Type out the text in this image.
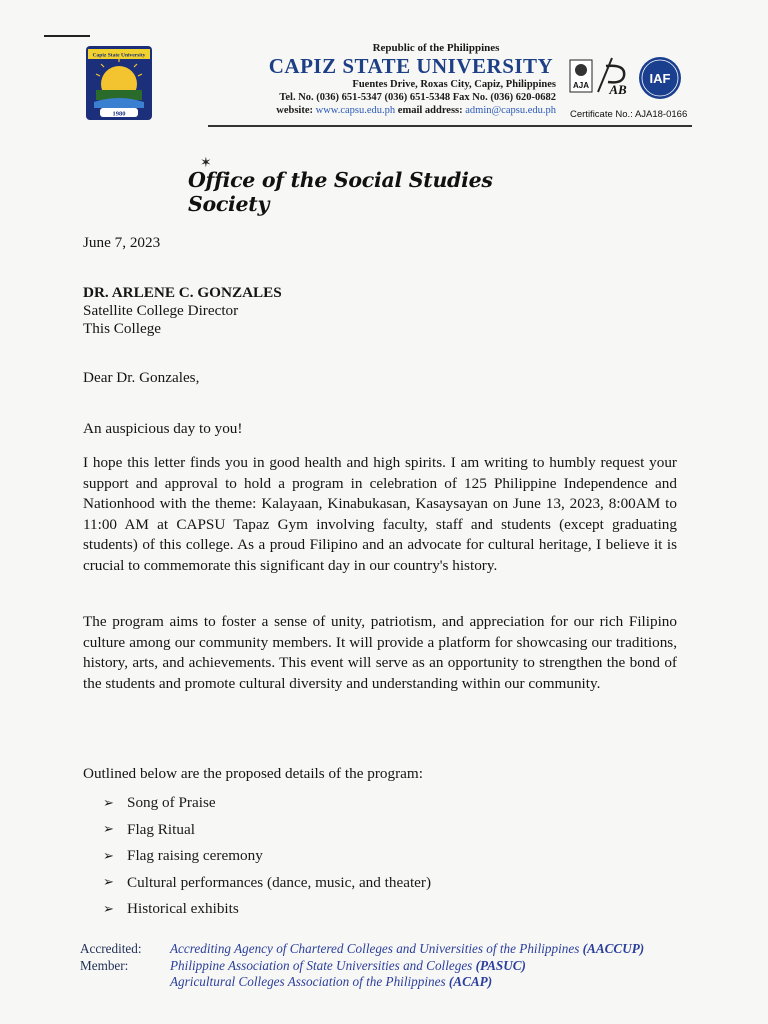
Capiz State University
1980
Republic of the Philippines
CAPIZ STATE UNIVERSITY
Fuentes Drive, Roxas City, Capiz, Philippines
Tel. No. (036) 651-5347 (036) 651-5348 Fax No. (036) 620-0682
website: www.capsu.edu.ph email address: admin@capsu.edu.ph
AJA AB
IAF
Certificate No.: AJA18-0166
✶
Office of the Social Studies Society
June 7, 2023
DR. ARLENE C. GONZALES
Satellite College Director
This College
Dear Dr. Gonzales,
An auspicious day to you!
I hope this letter finds you in good health and high spirits. I am writing to humbly request your support and approval to hold a program in celebration of 125 Philippine Independence and Nationhood with the theme: Kalayaan, Kinabukasan, Kasaysayan on June 13, 2023, 8:00AM to 11:00 AM at CAPSU Tapaz Gym involving faculty, staff and students (except graduating students) of this college. As a proud Filipino and an advocate for cultural heritage, I believe it is crucial to commemorate this significant day in our country's history.
The program aims to foster a sense of unity, patriotism, and appreciation for our rich Filipino culture among our community members. It will provide a platform for showcasing our traditions, history, arts, and achievements. This event will serve as an opportunity to strengthen the bond of the students and promote cultural diversity and understanding within our community.
Outlined below are the proposed details of the program:
➢ Song of Praise
➢ Flag Ritual
➢ Flag raising ceremony
➢ Cultural performances (dance, music, and theater)
➢ Historical exhibits
Accredited:
Member:
Accrediting Agency of Chartered Colleges and Universities of the Philippines (AACCUP)
Philippine Association of State Universities and Colleges (PASUC)
Agricultural Colleges Association of the Philippines (ACAP)
